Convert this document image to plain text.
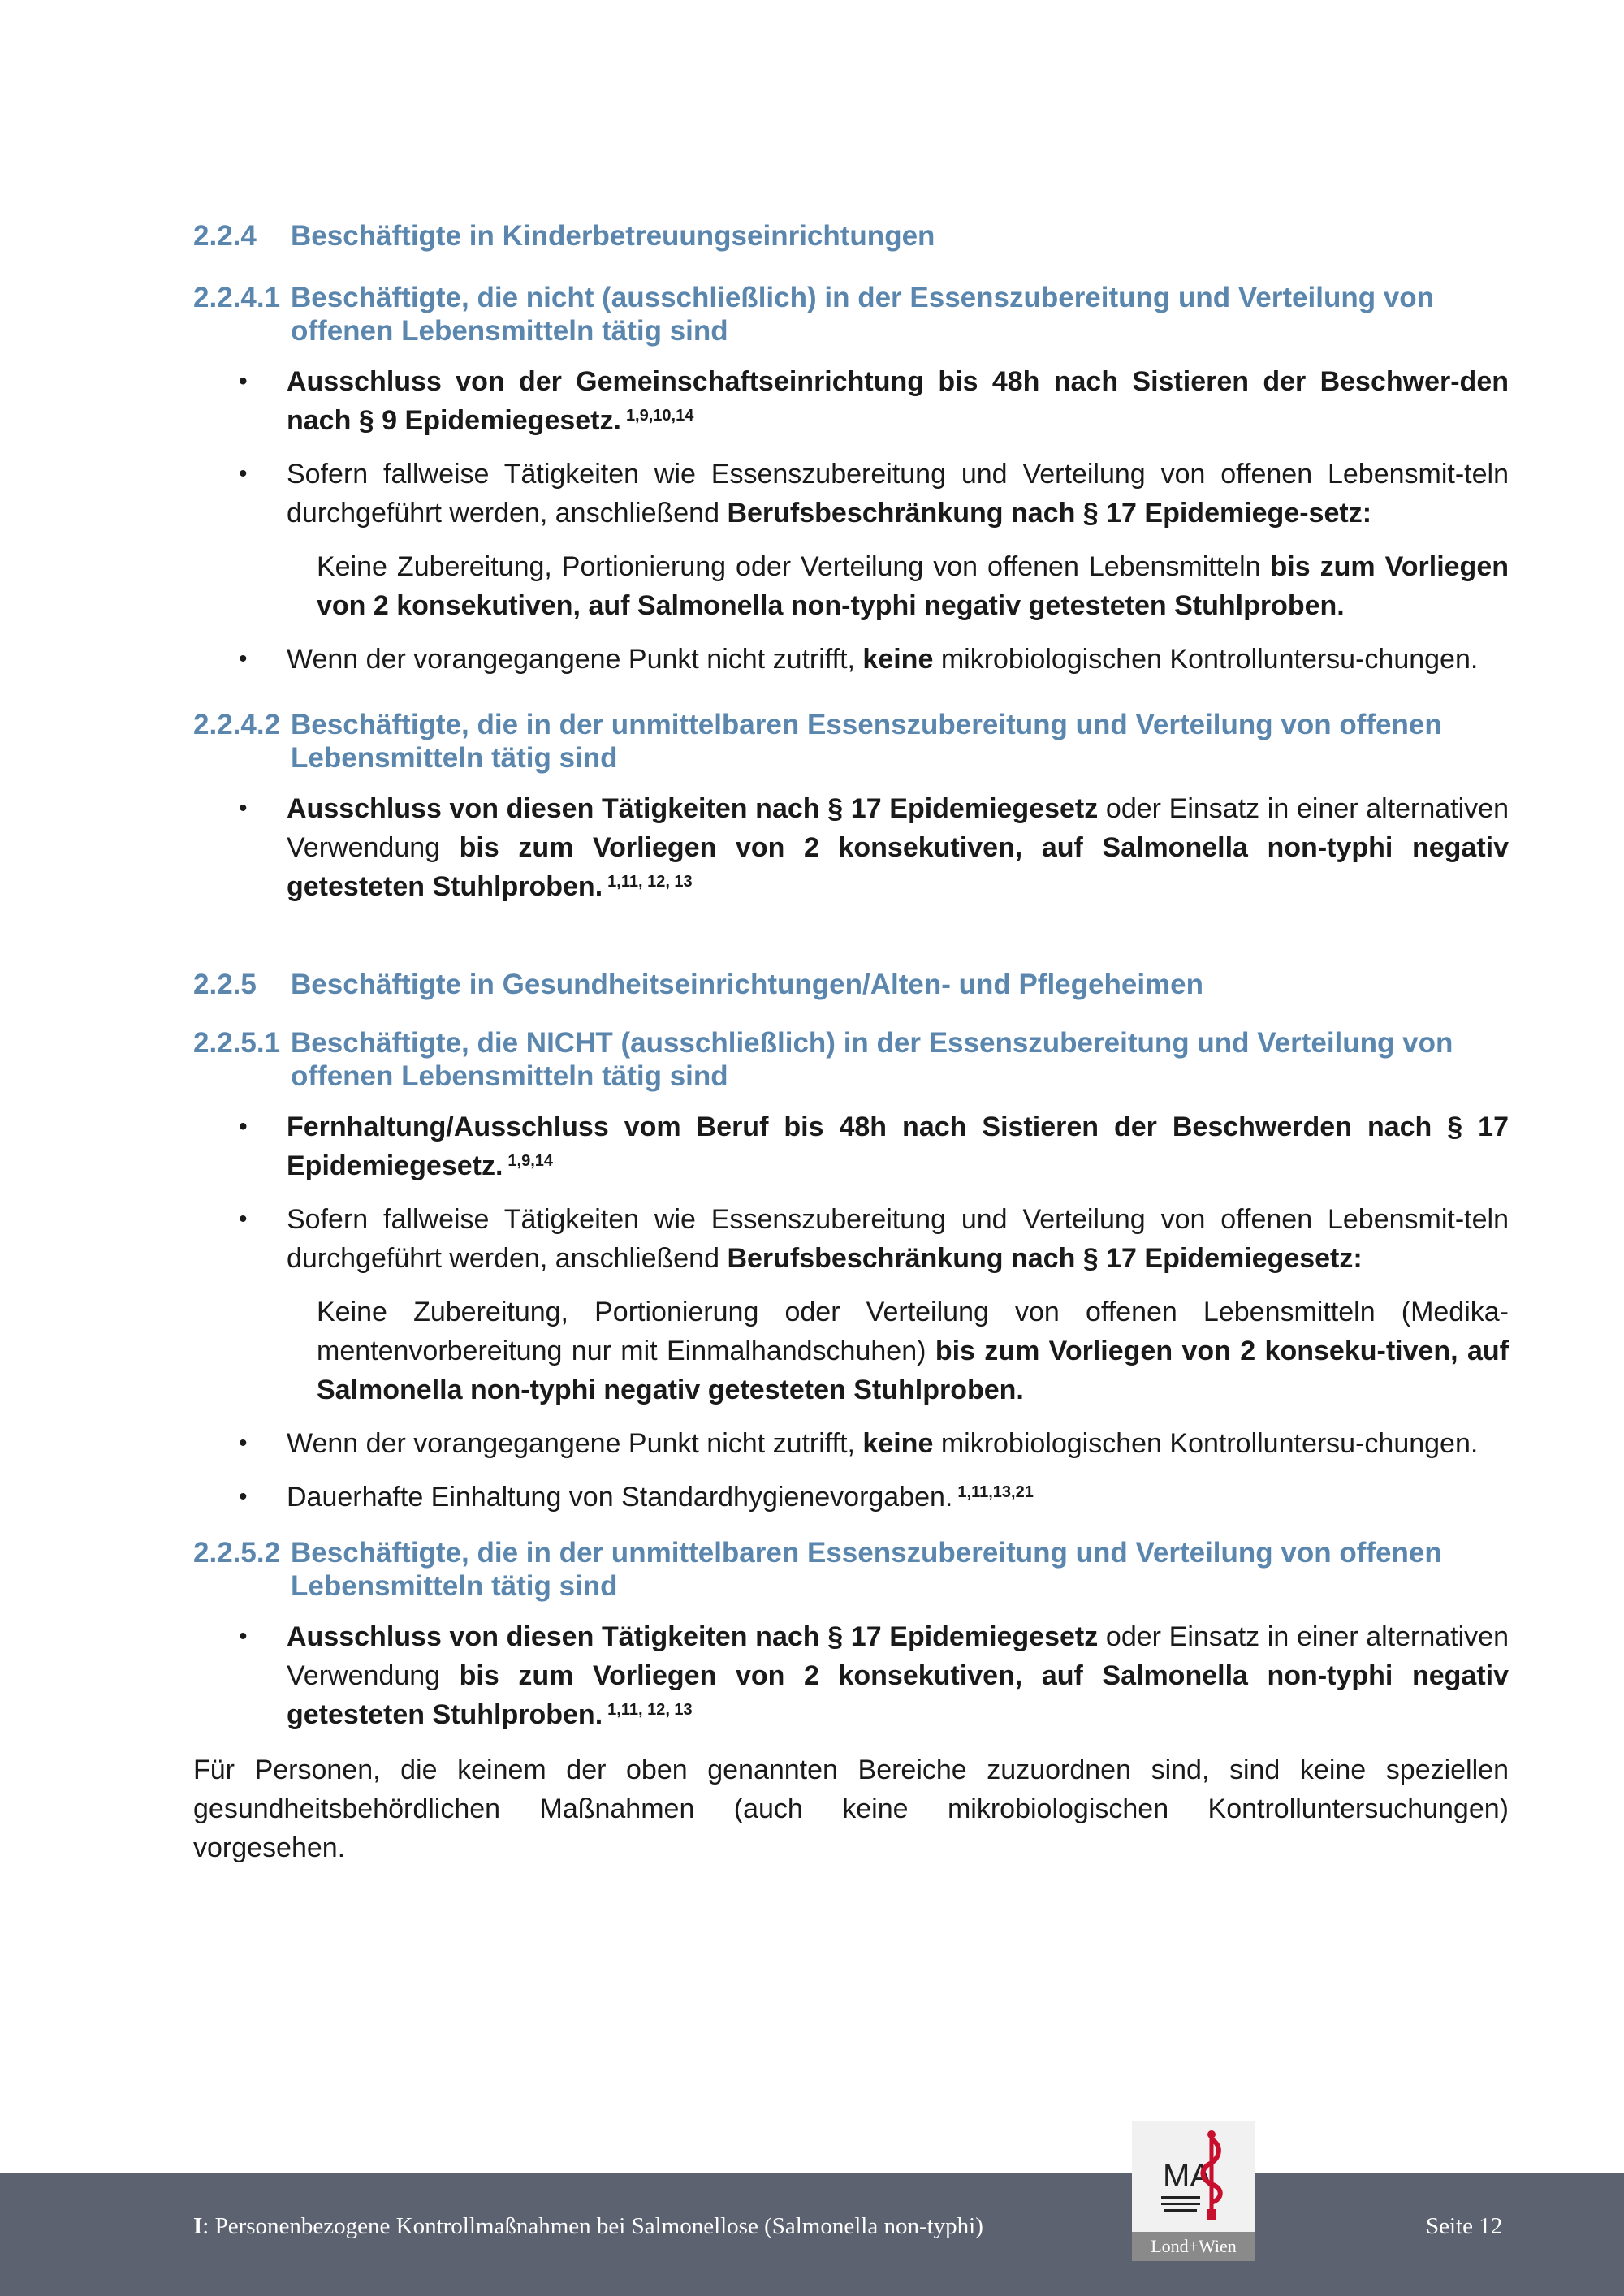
2.2.4	Beschäftigte in Kinderbetreuungseinrichtungen
2.2.4.1 Beschäftigte, die nicht (ausschließlich) in der Essenszubereitung und Verteilung von
offenen Lebensmitteln tätig sind
• Ausschluss von der Gemeinschaftseinrichtung bis 48h nach Sistieren der Beschwer-den nach § 9 Epidemiegesetz. $^{1,9,10,14}$
• Sofern fallweise Tätigkeiten wie Essenszubereitung und Verteilung von offenen Lebensmit-teln durchgeführt werden, anschließend Berufsbeschränkung nach § 17 Epidemiege-setz:
Keine Zubereitung, Portionierung oder Verteilung von offenen Lebensmitteln bis zum Vorliegen von 2 konsekutiven, auf Salmonella non-typhi negativ getesteten Stuhlproben.
• Wenn der vorangegangene Punkt nicht zutrifft, keine mikrobiologischen Kontrolluntersu-chungen.
2.2.4.2 Beschäftigte, die in der unmittelbaren Essenszubereitung und Verteilung von offenen
Lebensmitteln tätig sind
• Ausschluss von diesen Tätigkeiten nach § 17 Epidemiegesetz oder Einsatz in einer alternativen Verwendung bis zum Vorliegen von 2 konsekutiven, auf Salmonella non-typhi negativ getesteten Stuhlproben. $^{1,11, 12, 13}$
2.2.5	Beschäftigte in Gesundheitseinrichtungen/Alten- und Pflegeheimen
2.2.5.1 Beschäftigte, die NICHT (ausschließlich) in der Essenszubereitung und Verteilung von
offenen Lebensmitteln tätig sind
• Fernhaltung/Ausschluss vom Beruf bis 48h nach Sistieren der Beschwerden nach § 17 Epidemiegesetz. $^{1,9,14}$
• Sofern fallweise Tätigkeiten wie Essenszubereitung und Verteilung von offenen Lebensmit-teln durchgeführt werden, anschließend Berufsbeschränkung nach § 17 Epidemiegesetz:
Keine Zubereitung, Portionierung oder Verteilung von offenen Lebensmitteln (Medika-mentenvorbereitung nur mit Einmalhandschuhen) bis zum Vorliegen von 2 konseku-tiven, auf Salmonella non-typhi negativ getesteten Stuhlproben.
• Wenn der vorangegangene Punkt nicht zutrifft, keine mikrobiologischen Kontrolluntersu-chungen.
• Dauerhafte Einhaltung von Standardhygienevorgaben. $^{1,11,13,21}$
2.2.5.2 Beschäftigte, die in der unmittelbaren Essenszubereitung und Verteilung von offenen
Lebensmitteln tätig sind
• Ausschluss von diesen Tätigkeiten nach § 17 Epidemiegesetz oder Einsatz in einer alternativen Verwendung bis zum Vorliegen von 2 konsekutiven, auf Salmonella non-typhi negativ getesteten Stuhlproben. $^{1,11, 12, 13}$
Für Personen, die keinem der oben genannten Bereiche zuzuordnen sind, sind keine speziellen gesundheitsbehördlichen Maßnahmen (auch keine mikrobiologischen Kontrolluntersuchungen) vorgesehen.
I: Personenbezogene Kontrollmaßnahmen bei Salmonellose (Salmonella non-typhi)	Seite 12
MA
Lond+Wien
